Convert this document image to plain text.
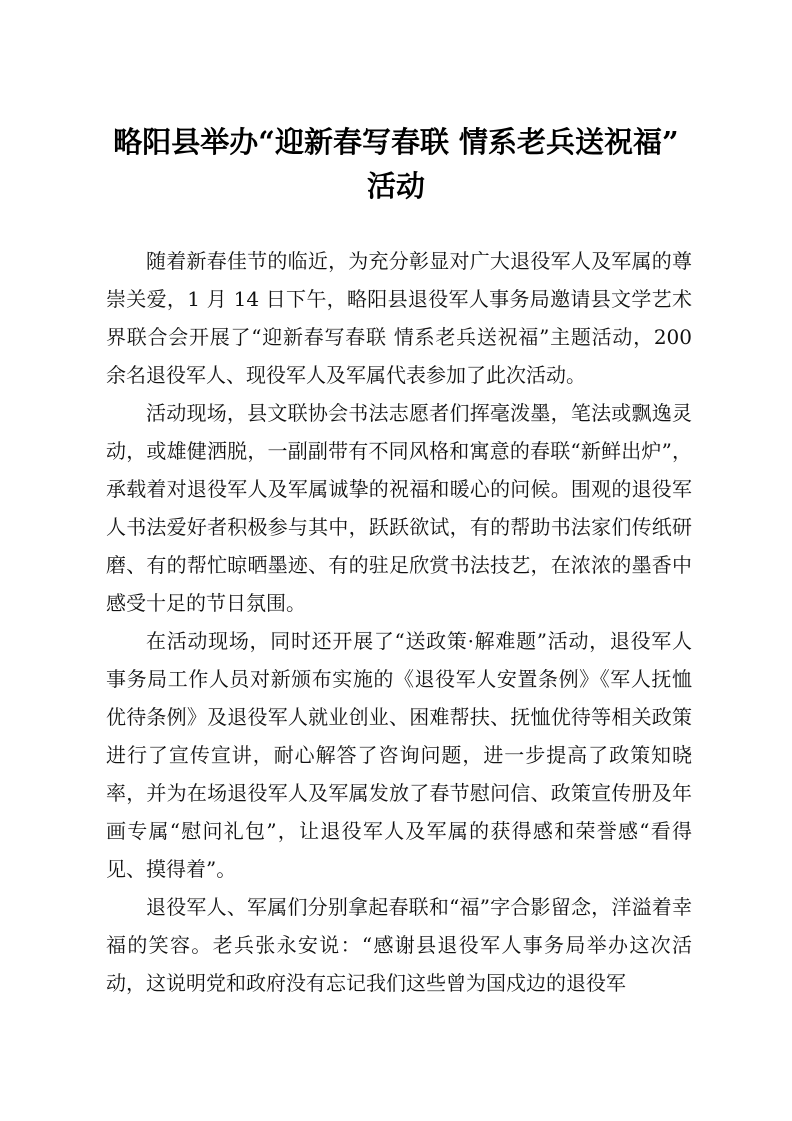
略阳县举办“迎新春写春联 情系老兵送祝福”
活动

随着新春佳节的临近，为充分彰显对广大退役军人及军属的尊崇关爱，1 月 14 日下午，略阳县退役军人事务局邀请县文学艺术界联合会开展了“迎新春写春联 情系老兵送祝福”主题活动，200 余名退役军人、现役军人及军属代表参加了此次活动。

活动现场，县文联协会书法志愿者们挥毫泼墨，笔法或飘逸灵动，或雄健洒脱，一副副带有不同风格和寓意的春联“新鲜出炉”，承载着对退役军人及军属诚挚的祝福和暖心的问候。围观的退役军人书法爱好者积极参与其中，跃跃欲试，有的帮助书法家们传纸研磨、有的帮忙晾晒墨迹、有的驻足欣赏书法技艺，在浓浓的墨香中感受十足的节日氛围。

在活动现场，同时还开展了“送政策·解难题”活动，退役军人事务局工作人员对新颁布实施的《退役军人安置条例》《军人抚恤优待条例》及退役军人就业创业、困难帮扶、抚恤优待等相关政策进行了宣传宣讲，耐心解答了咨询问题，进一步提高了政策知晓率，并为在场退役军人及军属发放了春节慰问信、政策宣传册及年画专属“慰问礼包”，让退役军人及军属的获得感和荣誉感“看得见、摸得着”。

退役军人、军属们分别拿起春联和“福”字合影留念，洋溢着幸福的笑容。老兵张永安说：“感谢县退役军人事务局举办这次活动，这说明党和政府没有忘记我们这些曾为国戍边的退役军
